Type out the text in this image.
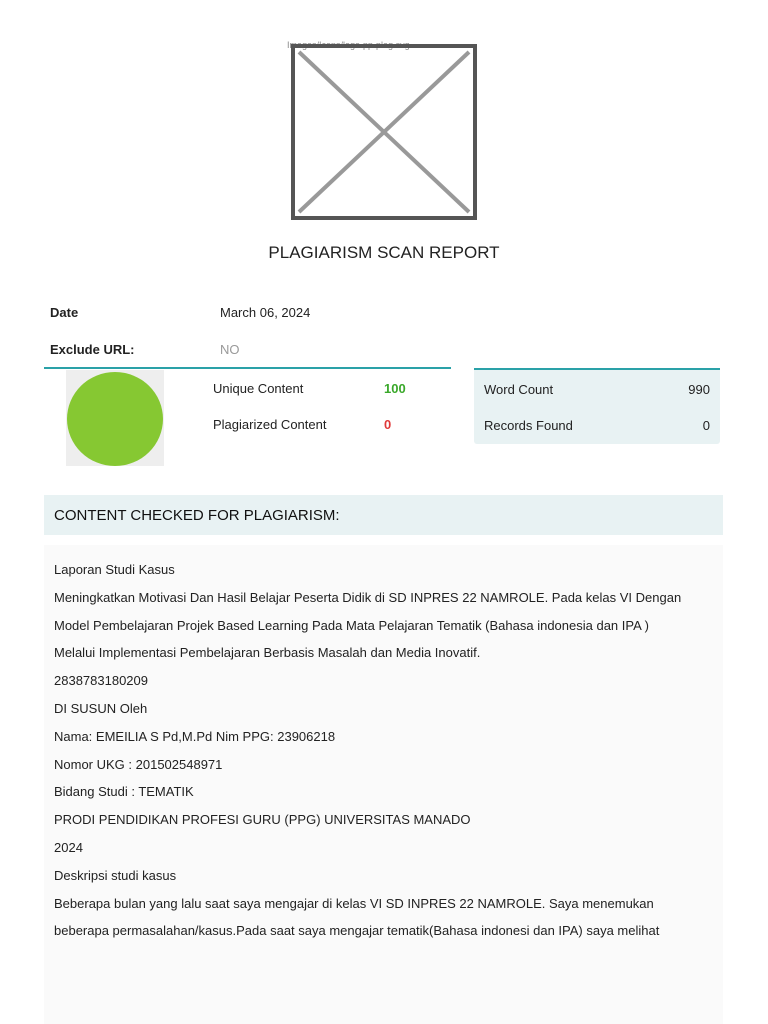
Images/Icons/logo-pp-plag.svg
PLAGIARISM SCAN REPORT
Date	March 06, 2024
Exclude URL:	NO
Unique Content	100
Plagiarized Content	0
Word Count	990
Records Found	0
CONTENT CHECKED FOR PLAGIARISM:
Laporan Studi Kasus
Meningkatkan Motivasi Dan Hasil Belajar Peserta Didik di SD INPRES 22 NAMROLE. Pada kelas VI Dengan
Model Pembelajaran Projek Based Learning Pada Mata Pelajaran Tematik (Bahasa indonesia dan IPA )
Melalui Implementasi Pembelajaran Berbasis Masalah dan Media Inovatif.
2838783180209
DI SUSUN Oleh
Nama: EMEILIA S Pd,M.Pd Nim PPG: 23906218
Nomor UKG : 201502548971
Bidang Studi : TEMATIK
PRODI PENDIDIKAN PROFESI GURU (PPG) UNIVERSITAS MANADO
2024
Deskripsi studi kasus
Beberapa bulan yang lalu saat saya mengajar di kelas VI SD INPRES 22 NAMROLE. Saya menemukan
beberapa permasalahan/kasus.Pada saat saya mengajar tematik(Bahasa indonesi dan IPA) saya melihat
